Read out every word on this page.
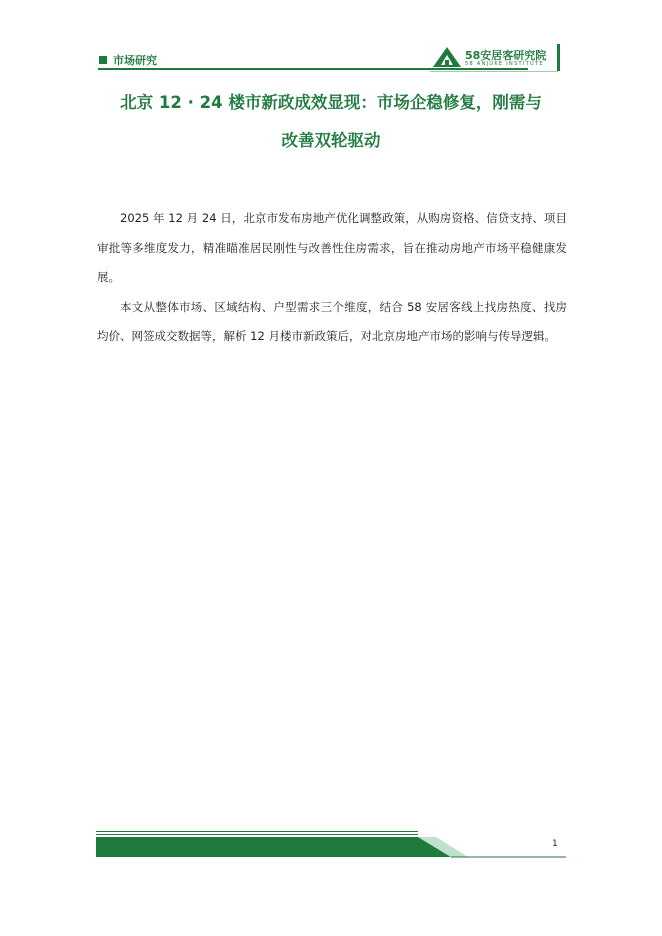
市场研究	58安居客研究院
58 ANJUKE INSTITUTE
北京 12 · 24 楼市新政成效显现：市场企稳修复，刚需与
改善双轮驱动

2025 年 12 月 24 日，北京市发布房地产优化调整政策，从购房资格、信贷支持、项目审批等多维度发力，精准瞄准居民刚性与改善性住房需求，旨在推动房地产市场平稳健康发展。

本文从整体市场、区域结构、户型需求三个维度，结合 58 安居客线上找房热度、找房均价、网签成交数据等，解析 12 月楼市新政策后，对北京房地产市场的影响与传导逻辑。

1
